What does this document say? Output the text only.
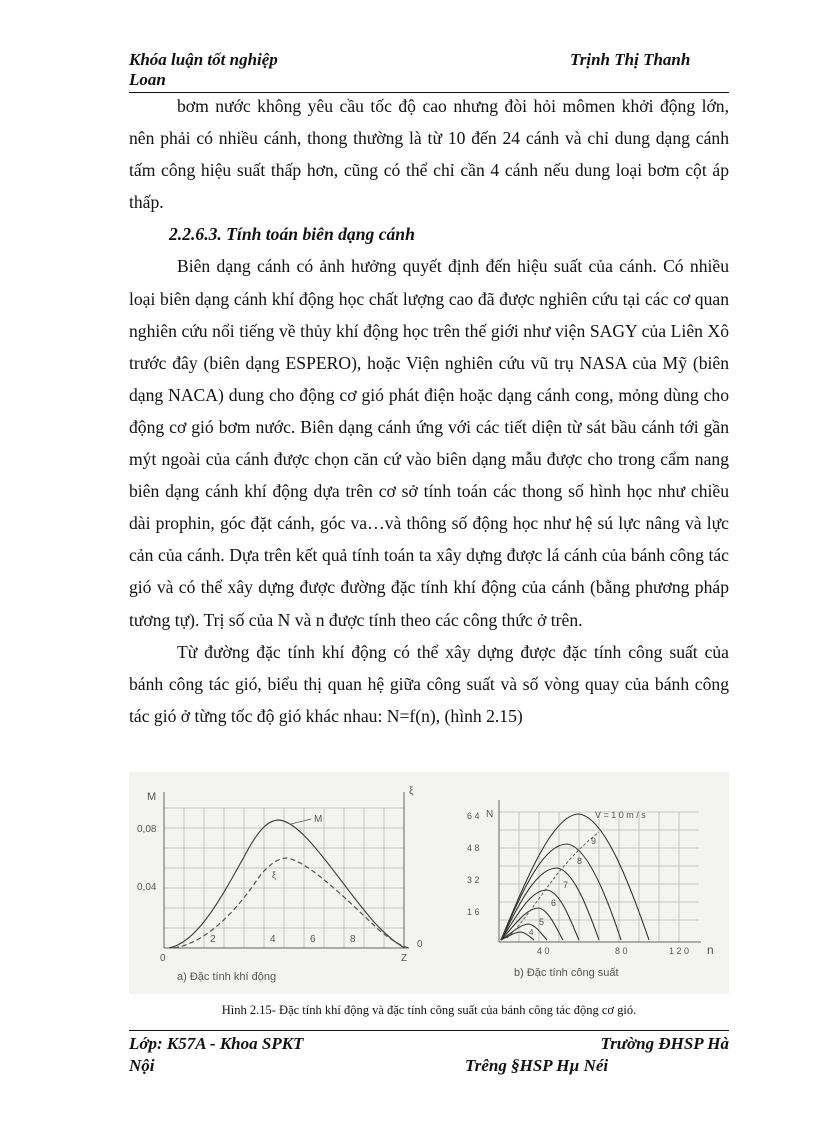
Khóa luận tốt nghiệp	Trịnh Thị Thanh
Loan

bơm nước không yêu cầu tốc độ cao nhưng đòi hỏi mômen khởi động lớn, nên phải có nhiều cánh, thong thường là từ 10 đến 24 cánh và chỉ dung dạng cánh tấm công hiệu suất thấp hơn, cũng có thể chỉ cần 4 cánh nếu dung loại bơm cột áp thấp.

2.2.6.3. Tính toán biên dạng cánh

Biên dạng cánh có ảnh hưởng quyết định đến hiệu suất của cánh. Có nhiều loại biên dạng cánh khí động học chất lượng cao đã được nghiên cứu tại các cơ quan nghiên cứu nổi tiếng về thủy khí động học trên thế giới như viện SAGY của Liên Xô trước đây (biên dạng ESPERO), hoặc Viện nghiên cứu vũ trụ NASA của Mỹ (biên dạng NACA) dung cho động cơ gió phát điện hoặc dạng cánh cong, mỏng dùng cho động cơ gió bơm nước. Biên dạng cánh ứng với các tiết diện từ sát bầu cánh tới gần mýt ngoài của cánh được chọn căn cứ vào biên dạng mẫu được cho trong cẩm nang biên dạng cánh khí động dựa trên cơ sở tính toán các thong số hình học như chiều dài prophin, góc đặt cánh, góc va…và thông số động học như hệ sú lực nâng và lực cản của cánh. Dựa trên kết quả tính toán ta xây dựng được lá cánh của bánh công tác gió và có thể xây dựng được đường đặc tính khí động của cánh (bằng phương pháp tương tự). Trị số của N và n được tính theo các công thức ở trên.

Từ đường đặc tính khí động có thể xây dựng được đặc tính công suất của bánh công tác gió, biểu thị quan hệ giữa công suất và số vòng quay của bánh công tác gió ở từng tốc độ gió khác nhau: N=f(n), (hình 2.15)

M	ξ
0,08
0,04
0
2	4	6	8
Z
0
M
ξ
a) Đặc tính khí động
N
6 4
4 8
3 2
1 6
4 0	8 0	1 2 0 n
V = 1 0 m / s
9
8
7
6
5
4
b) Đặc tính công suất
Hình 2.15- Đặc tính khí động và đặc tính công suất của bánh công tác động cơ gió.
Lớp: K57A - Khoa SPKT	Trường ĐHSP Hà
Nội	Trêng §HSP Hµ Néi
